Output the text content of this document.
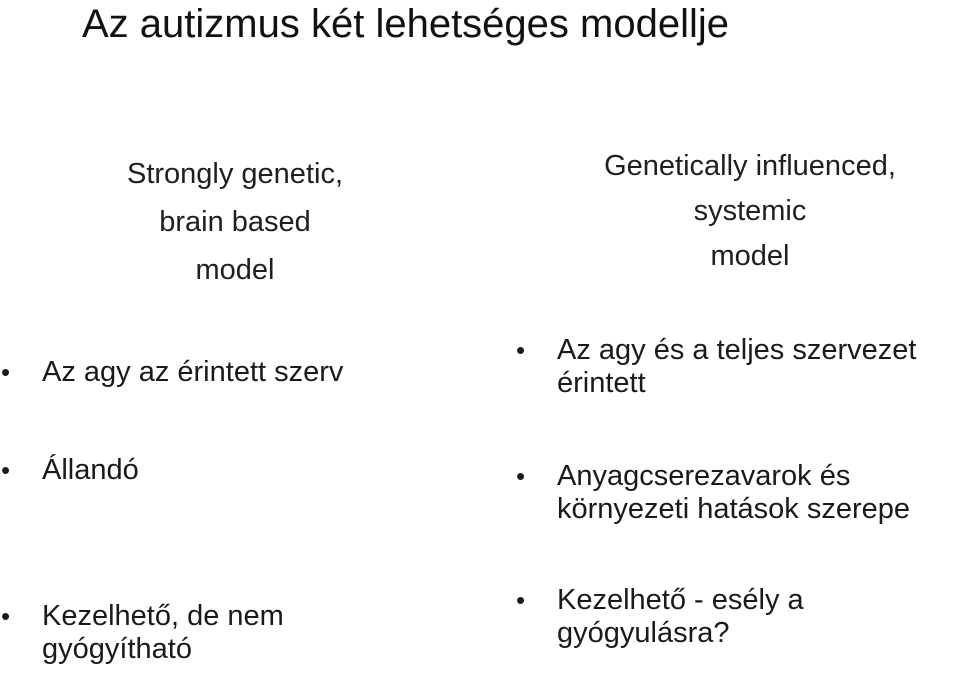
Az autizmus két lehetséges modellje
Strongly genetic,
brain based
model
Genetically influenced,
systemic
model
• Az agy az érintett szerv
• Állandó
• Kezelhető, de nem
gyógyítható
• Az agy és a teljes szervezet
érintett
• Anyagcserezavarok és
környezeti hatások szerepe
• Kezelhető - esély a
gyógyulásra?
